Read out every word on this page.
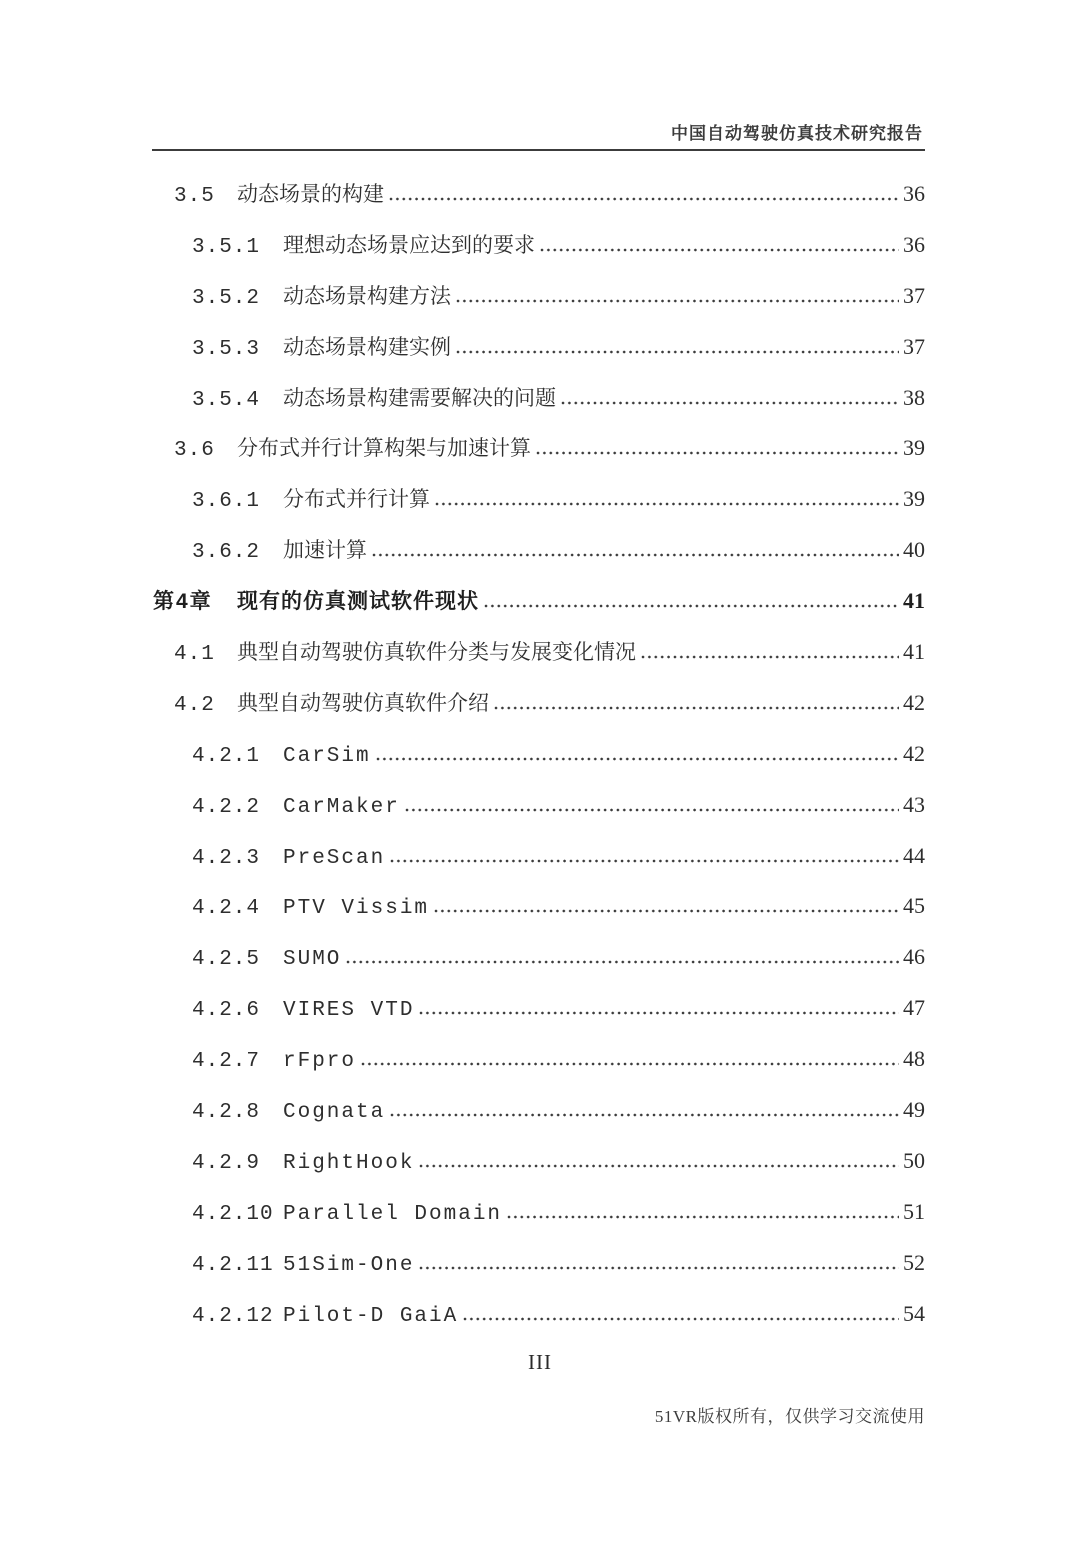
中国自动驾驶仿真技术研究报告
3.5	动态场景的构建	36
3.5.1	理想动态场景应达到的要求	36
3.5.2	动态场景构建方法	37
3.5.3	动态场景构建实例	37
3.5.4	动态场景构建需要解决的问题	38
3.6	分布式并行计算构架与加速计算	39
3.6.1	分布式并行计算	39
3.6.2	加速计算	40
第4章	现有的仿真测试软件现状	41
4.1	典型自动驾驶仿真软件分类与发展变化情况	41
4.2	典型自动驾驶仿真软件介绍	42
4.2.1	CarSim	42
4.2.2	CarMaker	43
4.2.3	PreScan	44
4.2.4	PTV Vissim	45
4.2.5	SUMO	46
4.2.6	VIRES VTD	47
4.2.7	rFpro	48
4.2.8	Cognata	49
4.2.9	RightHook	50
4.2.10 Parallel Domain	51
4.2.11 51Sim-One	52
4.2.12 Pilot-D GaiA	54
III
51VR版权所有，仅供学习交流使用
